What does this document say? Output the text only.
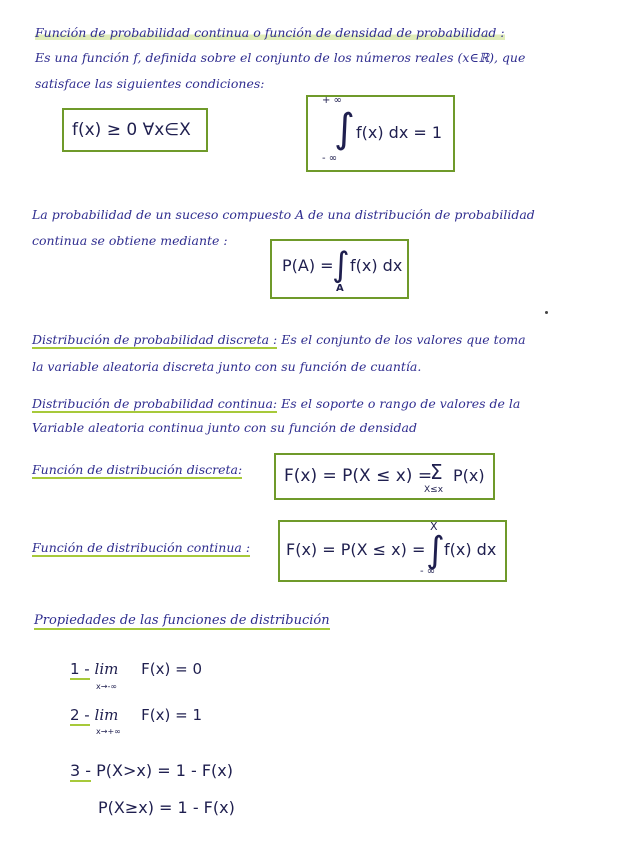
Función de probabilidad continua o función de densidad de probabilidad :
Es una función f, definida sobre el conjunto de los números reales (x∈ℝ), que
satisface las siguientes condiciones:
f(x) ≥ 0 ∀x∈X
+ ∞
∫ f(x) dx = 1
- ∞
La probabilidad de un suceso compuesto A de una distribución de probabilidad
continua se obtiene mediante :
P(A) =
∫ f(x) dx
A
Distribución de probabilidad discreta : Es el conjunto de los valores que toma
la variable aleatoria discreta junto con su función de cuantía.
Distribución de probabilidad continua: Es el soporte o rango de valores de la
Variable aleatoria continua junto con su función de densidad
Función de distribución discreta: F(x) = P(X ≤ x) =
Σ
X≤x
P(x)
Función de distribución continua : F(x) = P(X ≤ x) =
X
∫ f(x) dx
- ∞
Propiedades de las funciones de distribución
1 - lim F(x) = 0
x→-∞
2 - lim F(x) = 1
x→+∞
3 - P(X>x) = 1 - F(x)
P(X≥x) = 1 - F(x)
